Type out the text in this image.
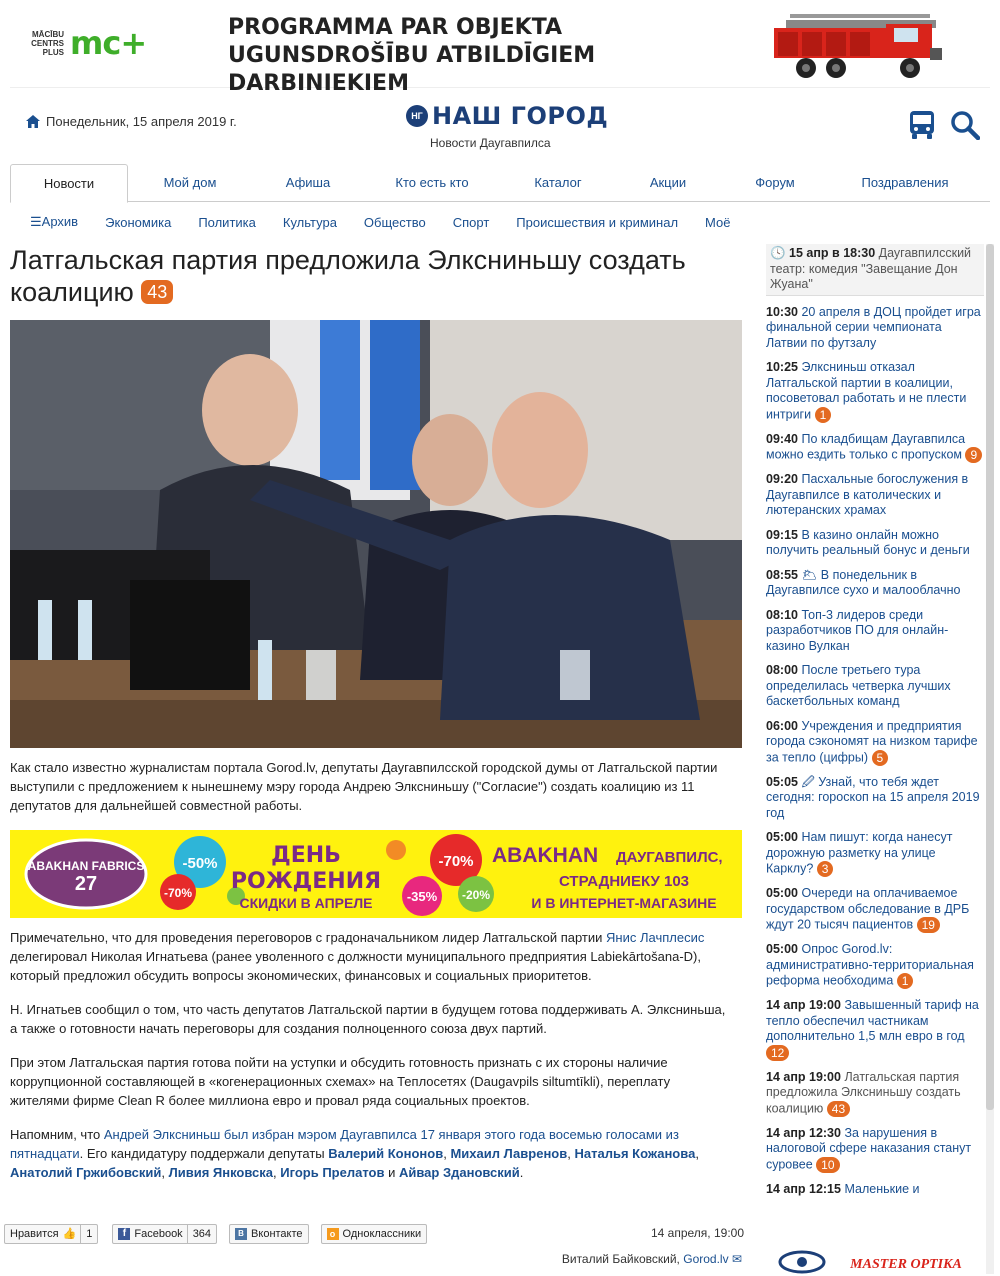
MĀCĪBU CENTRS PLUS mc+	PROGRAMMA PAR OBJEKTA UGUNSDROŠĪBU ATBILDĪGIEM DARBINIEKIEM
Понедельник, 15 апреля 2019 г.	НГ НАШ ГОРОД
Новости Даугавпилса
Новости	Мой дом	Афиша	Кто есть кто	Каталог	Акции	Форум	Поздравления
☰Архив Экономика Политика Культура Общество Спорт Происшествия и криминал Моё
Латгальская партия предложила Элксниньшу создать коалицию 43

Как стало известно журналистам портала Gorod.lv, депутаты Даугавпилсской городской думы от Латгальской партии выступили с предложением к нынешнему мэру города Андрею Элксниньшу ("Согласие") создать коалицию из 11 депутатов для дальнейшей совместной работы.

ABAKHAN FABRICS
27
-50%
-70%
-70%
-35% -20%
ДЕНЬ
РОЖДЕНИЯ
СКИДКИ В АПРЕЛЕ
ABAKHAN ДАУГАВПИЛС,
СТРАДНИЕКУ 103
И В ИНТЕРНЕТ-МАГАЗИНЕ

Примечательно, что для проведения переговоров с градоначальником лидер Латгальской партии Янис Лачплесис делегировал Николая Игнатьева (ранее уволенного с должности муниципального предприятия Labiekārtošana-D), который предложил обсудить вопросы экономических, финансовых и социальных приоритетов.

Н. Игнатьев сообщил о том, что часть депутатов Латгальской партии в будущем готова поддерживать А. Элксниньша, а также о готовности начать переговоры для создания полноценного союза двух партий.

При этом Латгальская партия готова пойти на уступки и обсудить готовность признать с их стороны наличие коррупционной составляющей в «когенерационных схемах» на Теплосетях (Daugavpils siltumtīkli), переплату жителями фирме Clean R более миллиона евро и провал ряда социальных проектов.

Напомним, что Андрей Элксниньш был избран мэром Даугавпилса 17 января этого года восемью голосами из пятнадцати. Его кандидатуру поддержали депутаты Валерий Кононов, Михаил Лавренов, Наталья Кожанова, Анатолий Гржибовский, Ливия Янковска, Игорь Прелатов и Айвар Здановский.

Нравится 👍 1	f Facebook 364	B Вконтакте	o Одноклассники	14 апреля, 19:00
Виталий Байковский, Gorod.lv ✉
🕓 15 апр в 18:30 Даугавпилсский театр: комедия "Завещание Дон Жуана"
10:30 20 апреля в ДОЦ пройдет игра финальной серии чемпионата Латвии по футзалу
10:25 Элксниньш отказал Латгальской партии в коалиции, посоветовал работать и не плести интриги 1
09:40 По кладбищам Даугавпилса можно ездить только с пропуском 9
09:20 Пасхальные богослужения в Даугавпилсе в католических и лютеранских храмах
09:15 В казино онлайн можно получить реальный бонус и деньги
08:55 🌥 В понедельник в Даугавпилсе сухо и малооблачно
08:10 Топ-3 лидеров среди разработчиков ПО для онлайн-казино Вулкан
08:00 После третьего тура определилась четверка лучших баскетбольных команд
06:00 Учреждения и предприятия города сэкономят на низком тарифе за тепло (цифры) 5
05:05 🖉 Узнай, что тебя ждет сегодня: гороскоп на 15 апреля 2019 год
05:00 Нам пишут: когда нанесут дорожную разметку на улице Карклу? 3
05:00 Очереди на оплачиваемое государством обследование в ДРБ ждут 20 тысяч пациентов 19
05:00 Опрос Gorod.lv: административно-территориальная реформа необходима 1
14 апр 19:00 Завышенный тариф на тепло обеспечил частникам дополнительно 1,5 млн евро в год 12
14 апр 19:00 Латгальская партия предложила Элксниньшу создать коалицию 43
14 апр 12:30 За нарушения в налоговой сфере наказания станут суровее 10
14 апр 12:15 Маленькие и
MASTER OPTIKA
